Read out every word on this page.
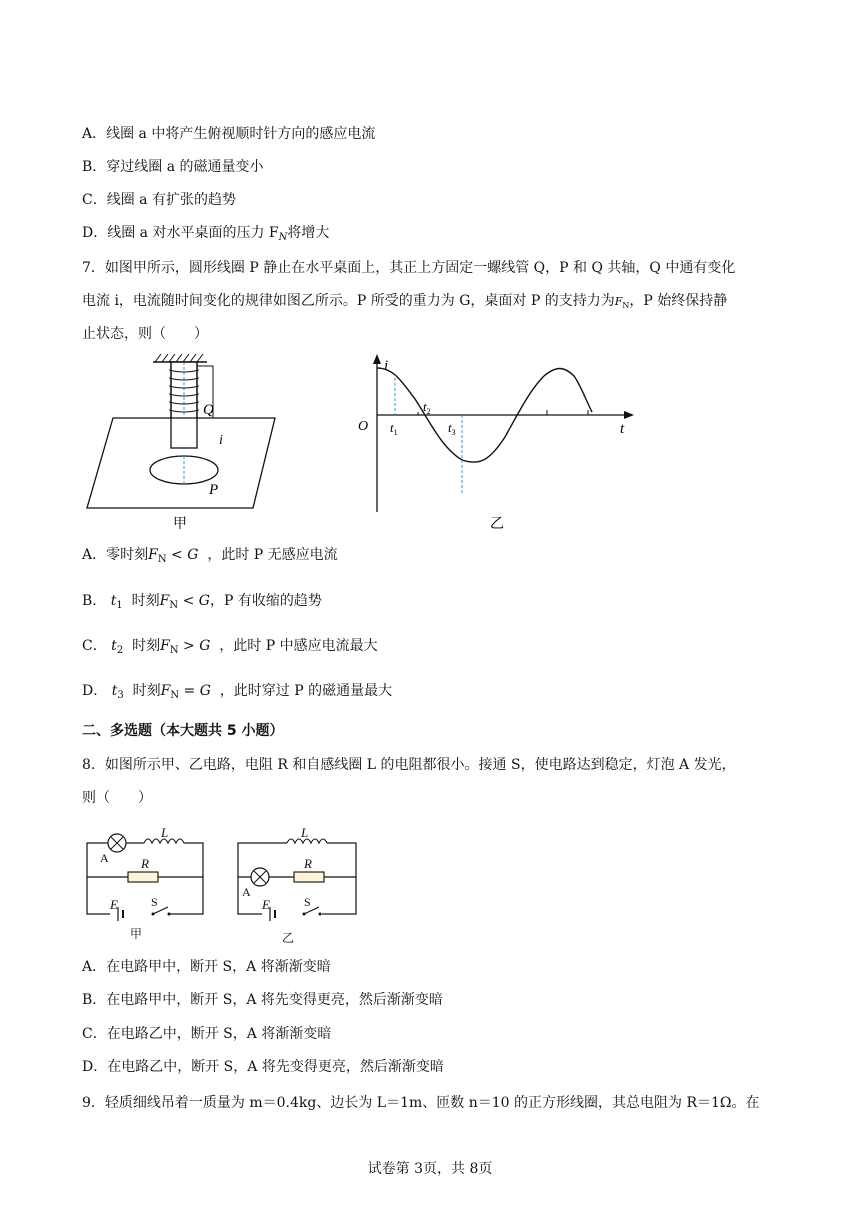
A．线圈 a 中将产生俯视顺时针方向的感应电流
B．穿过线圈 a 的磁通量变小
C．线圈 a 有扩张的趋势
D．线圈 a 对水平桌面的压力 $F_N$将增大
7．如图甲所示，圆形线圈 P 静止在水平桌面上，其正上方固定一螺线管 Q，P 和 Q 共轴，Q 中通有变化
电流 i，电流随时间变化的规律如图乙所示。P 所受的重力为 G，桌面对 P 的支持力为$F_N$，P 始终保持静
止状态，则（　　）
Q
i
P
甲
i
t
O $t_1$
$t_2$
$t_3$
乙
A．零时刻$F_N < G$ ，此时 P 无感应电流
B． $t_1$ 时刻$F_N < G$，P 有收缩的趋势
C． $t_2$ 时刻$F_N > G$ ，此时 P 中感应电流最大
D． $t_3$ 时刻$F_N = G$ ，此时穿过 P 的磁通量最大
二、多选题（本大题共 5 小题）
8．如图所示甲、乙电路，电阻 R 和自感线圈 L 的电阻都很小。接通 S，使电路达到稳定，灯泡 A 发光，
则（　　）
L
R
A
E	S
甲
L
R
A
E	S
乙
A．在电路甲中，断开 S，A 将渐渐变暗
B．在电路甲中，断开 S，A 将先变得更亮，然后渐渐变暗
C．在电路乙中，断开 S，A 将渐渐变暗
D．在电路乙中，断开 S，A 将先变得更亮，然后渐渐变暗
9．轻质细线吊着一质量为 m＝0.4kg、边长为 L＝1m、匝数 n＝10 的正方形线圈，其总电阻为 R＝1Ω。在
试卷第 3页，共 8页
